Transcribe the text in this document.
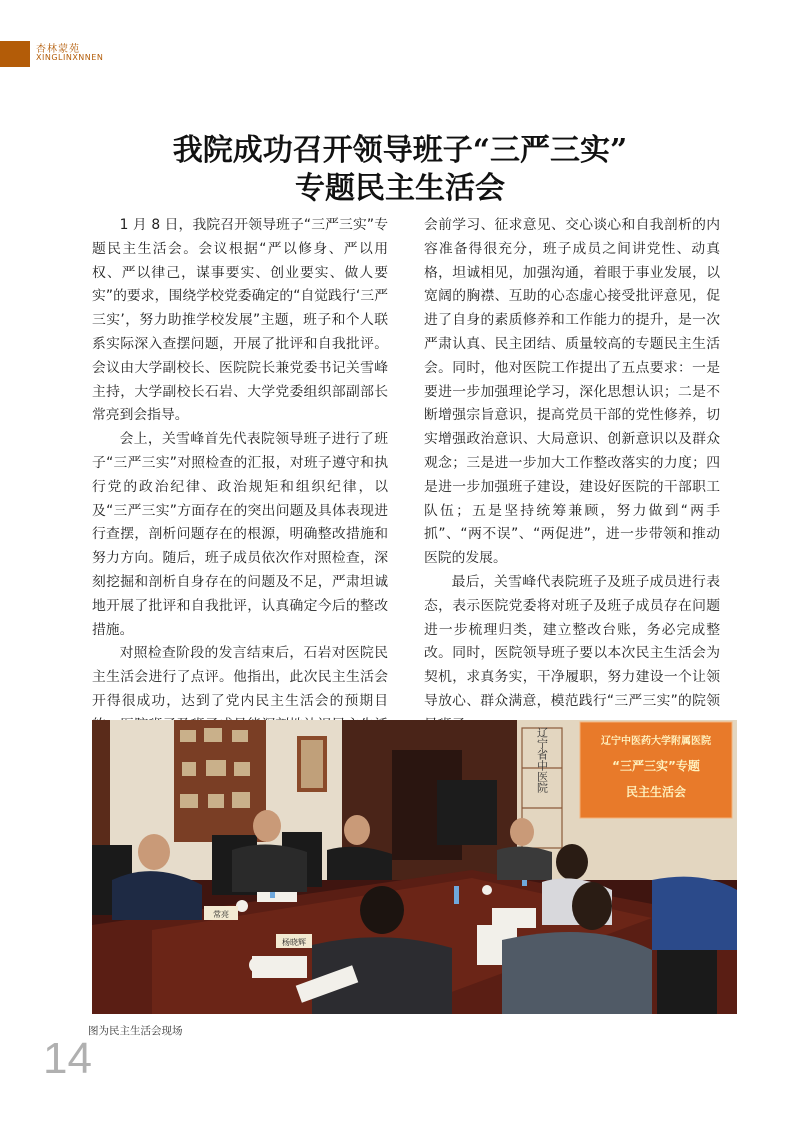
杏林蒙苑
XINGLINXNNEN
我院成功召开领导班子“三严三实”
专题民主生活会

1 月 8 日，我院召开领导班子“三严三实”专题民主生活会。会议根据“严以修身、严以用权、严以律己，谋事要实、创业要实、做人要实”的要求，围绕学校党委确定的“自觉践行‘三严三实’，努力助推学校发展”主题，班子和个人联系实际深入查摆问题，开展了批评和自我批评。会议由大学副校长、医院院长兼党委书记关雪峰主持，大学副校长石岩、大学党委组织部副部长常亮到会指导。

会上，关雪峰首先代表院领导班子进行了班子“三严三实”对照检查的汇报，对班子遵守和执行党的政治纪律、政治规矩和组织纪律，以及“三严三实”方面存在的突出问题及具体表现进行查摆，剖析问题存在的根源，明确整改措施和努力方向。随后，班子成员依次作对照检查，深刻挖掘和剖析自身存在的问题及不足，严肃坦诚地开展了批评和自我批评，认真确定今后的整改措施。

对照检查阶段的发言结束后，石岩对医院民主生活会进行了点评。他指出，此次民主生活会开得很成功，达到了党内民主生活会的预期目

会前学习、征求意见、交心谈心和自我剖析的内容准备得很充分，班子成员之间讲党性、动真格，坦诚相见，加强沟通，着眼于事业发展，以宽阔的胸襟、互助的心态虚心接受批评意见，促进了自身的素质修养和工作能力的提升，是一次严肃认真、民主团结、质量较高的专题民主生活会。同时，他对医院工作提出了五点要求：一是要进一步加强理论学习，深化思想认识；二是不断增强宗旨意识，提高党员干部的党性修养，切实增强政治意识、大局意识、创新意识以及群众观念；三是进一步加大工作整改落实的力度；四是进一步加强班子建设，建设好医院的干部职工队伍；五是坚持统筹兼顾，努力做到“两手抓”、“两不误”、“两促进”，进一步带领和推动医院的发展。

最后，关雪峰代表院班子及班子成员进行表态，表示医院党委将对班子及班子成员存在问题进一步梳理归类，建立整改台账，务必完成整改。同时，医院领导班子要以本次民主生活会为契机，求真务实，干净履职，努力建设一个让领导放心、群众满意，模范践行“三严三实”的院领

辽宁省中医院	辽宁中医药大学附属医院
“三严三实”专题
民主生活会
常亮
杨晓辉
图为民主生活会现场
14
